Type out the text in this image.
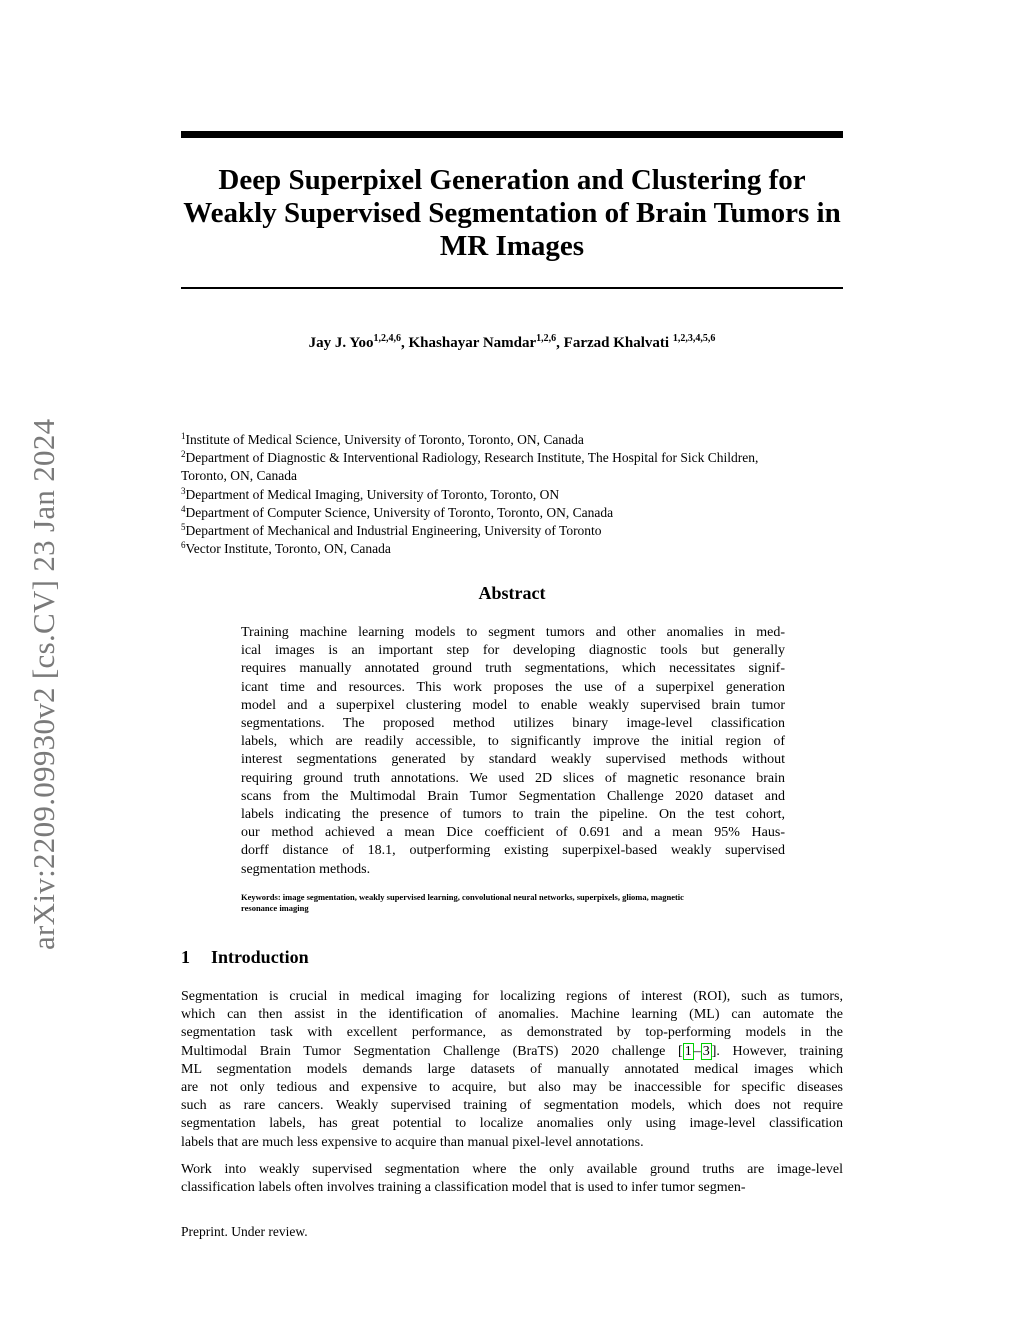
arXiv:2209.09930v2 [cs.CV] 23 Jan 2024
Deep Superpixel Generation and Clustering for
Weakly Supervised Segmentation of Brain Tumors in
MR Images
Jay J. Yoo$^{1,2,4,6}$, Khashayar Namdar$^{1,2,6}$, Farzad Khalvati $^{1,2,3,4,5,6}$
$^1$Institute of Medical Science, University of Toronto, Toronto, ON, Canada
$^2$Department of Diagnostic & Interventional Radiology, Research Institute, The Hospital for Sick Children,
Toronto, ON, Canada
$^3$Department of Medical Imaging, University of Toronto, Toronto, ON
$^4$Department of Computer Science, University of Toronto, Toronto, ON, Canada
$^5$Department of Mechanical and Industrial Engineering, University of Toronto
$^6$Vector Institute, Toronto, ON, Canada
Abstract
Training machine learning models to segment tumors and other anomalies in med-
ical images is an important step for developing diagnostic tools but generally
requires manually annotated ground truth segmentations, which necessitates signif-
icant time and resources. This work proposes the use of a superpixel generation
model and a superpixel clustering model to enable weakly supervised brain tumor
segmentations. The proposed method utilizes binary image-level classification
labels, which are readily accessible, to significantly improve the initial region of
interest segmentations generated by standard weakly supervised methods without
requiring ground truth annotations. We used 2D slices of magnetic resonance brain
scans from the Multimodal Brain Tumor Segmentation Challenge 2020 dataset and
labels indicating the presence of tumors to train the pipeline. On the test cohort,
our method achieved a mean Dice coefficient of 0.691 and a mean 95% Haus-
dorff distance of 18.1, outperforming existing superpixel-based weakly supervised
segmentation methods.
Keywords: image segmentation, weakly supervised learning, convolutional neural networks, superpixels, glioma, magnetic
resonance imaging
1 Introduction
Segmentation is crucial in medical imaging for localizing regions of interest (ROI), such as tumors,
which can then assist in the identification of anomalies. Machine learning (ML) can automate the
segmentation task with excellent performance, as demonstrated by top-performing models in the
Multimodal Brain Tumor Segmentation Challenge (BraTS) 2020 challenge [ 1 – 3 ]. However, training
ML segmentation models demands large datasets of manually annotated medical images which
are not only tedious and expensive to acquire, but also may be inaccessible for specific diseases
such as rare cancers. Weakly supervised training of segmentation models, which does not require
segmentation labels, has great potential to localize anomalies only using image-level classification
labels that are much less expensive to acquire than manual pixel-level annotations.
Work into weakly supervised segmentation where the only available ground truths are image-level
classification labels often involves training a classification model that is used to infer tumor segmen-
Preprint. Under review.
